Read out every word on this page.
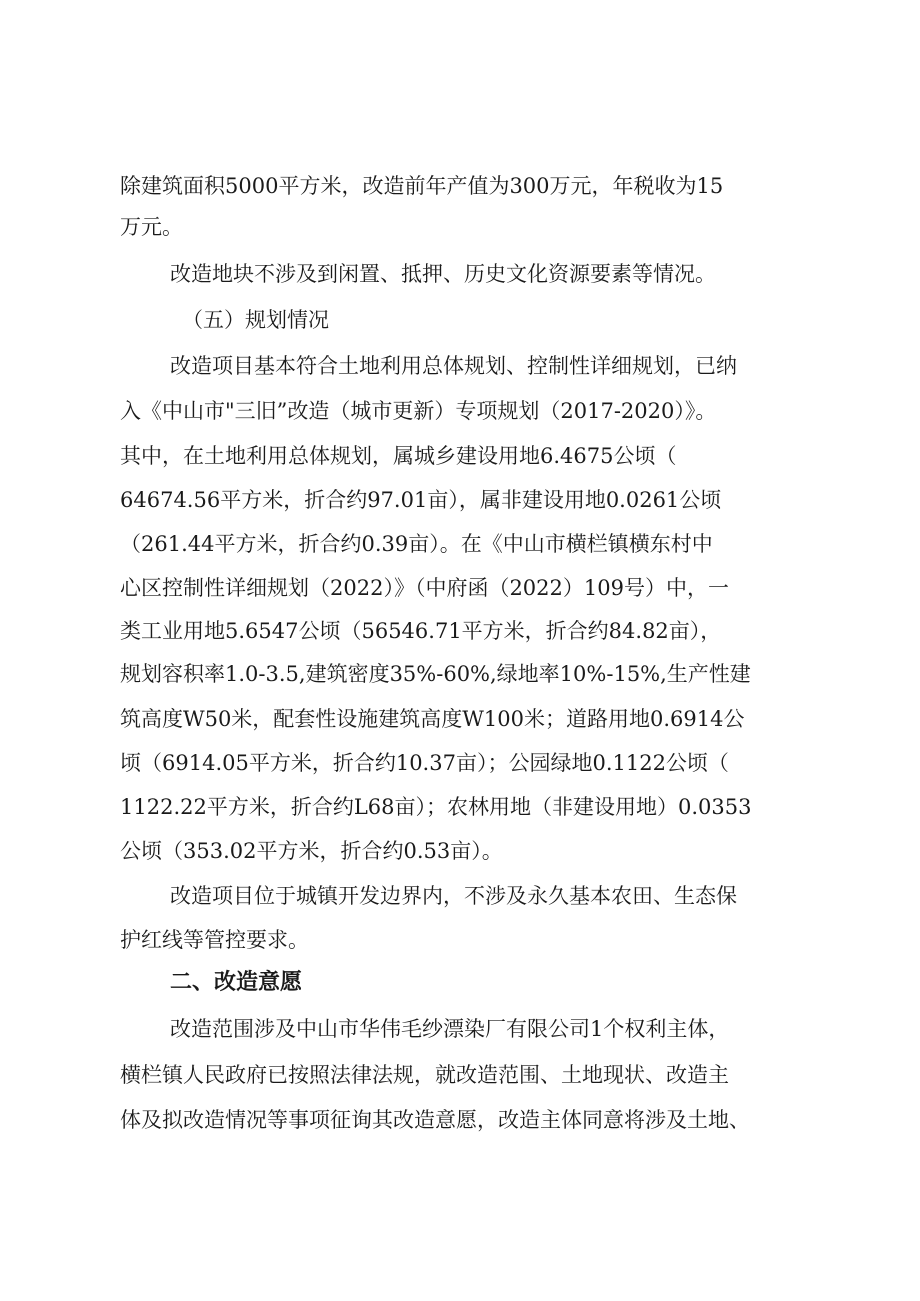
除建筑面积5000平方米，改造前年产值为300万元，年税收为15
万元。
改造地块不涉及到闲置、抵押、历史文化资源要素等情况。
（五）规划情况
改造项目基本符合土地利用总体规划、控制性详细规划，已纳
入《中山市"三旧”改造（城市更新）专项规划（2017-2020）》。
其中，在土地利用总体规划，属城乡建设用地6.4675公顷（
64674.56平方米，折合约97.01亩），属非建设用地0.0261公顷
（261.44平方米，折合约0.39亩）。在《中山市横栏镇横东村中
心区控制性详细规划（2022）》（中府函（2022）109号）中，一
类工业用地5.6547公顷（56546.71平方米，折合约84.82亩），
规划容积率1.0-3.5,建筑密度35%-60%,绿地率10%-15%,生产性建
筑高度W50米，配套性设施建筑高度W100米；道路用地0.6914公
顷（6914.05平方米，折合约10.37亩）；公园绿地0.1122公顷（
1122.22平方米，折合约L68亩）；农林用地（非建设用地）0.0353
公顷（353.02平方米，折合约0.53亩）。
改造项目位于城镇开发边界内，不涉及永久基本农田、生态保
护红线等管控要求。
二、改造意愿
改造范围涉及中山市华伟毛纱漂染厂有限公司1个权利主体，
横栏镇人民政府已按照法律法规，就改造范围、土地现状、改造主
体及拟改造情况等事项征询其改造意愿，改造主体同意将涉及土地、
